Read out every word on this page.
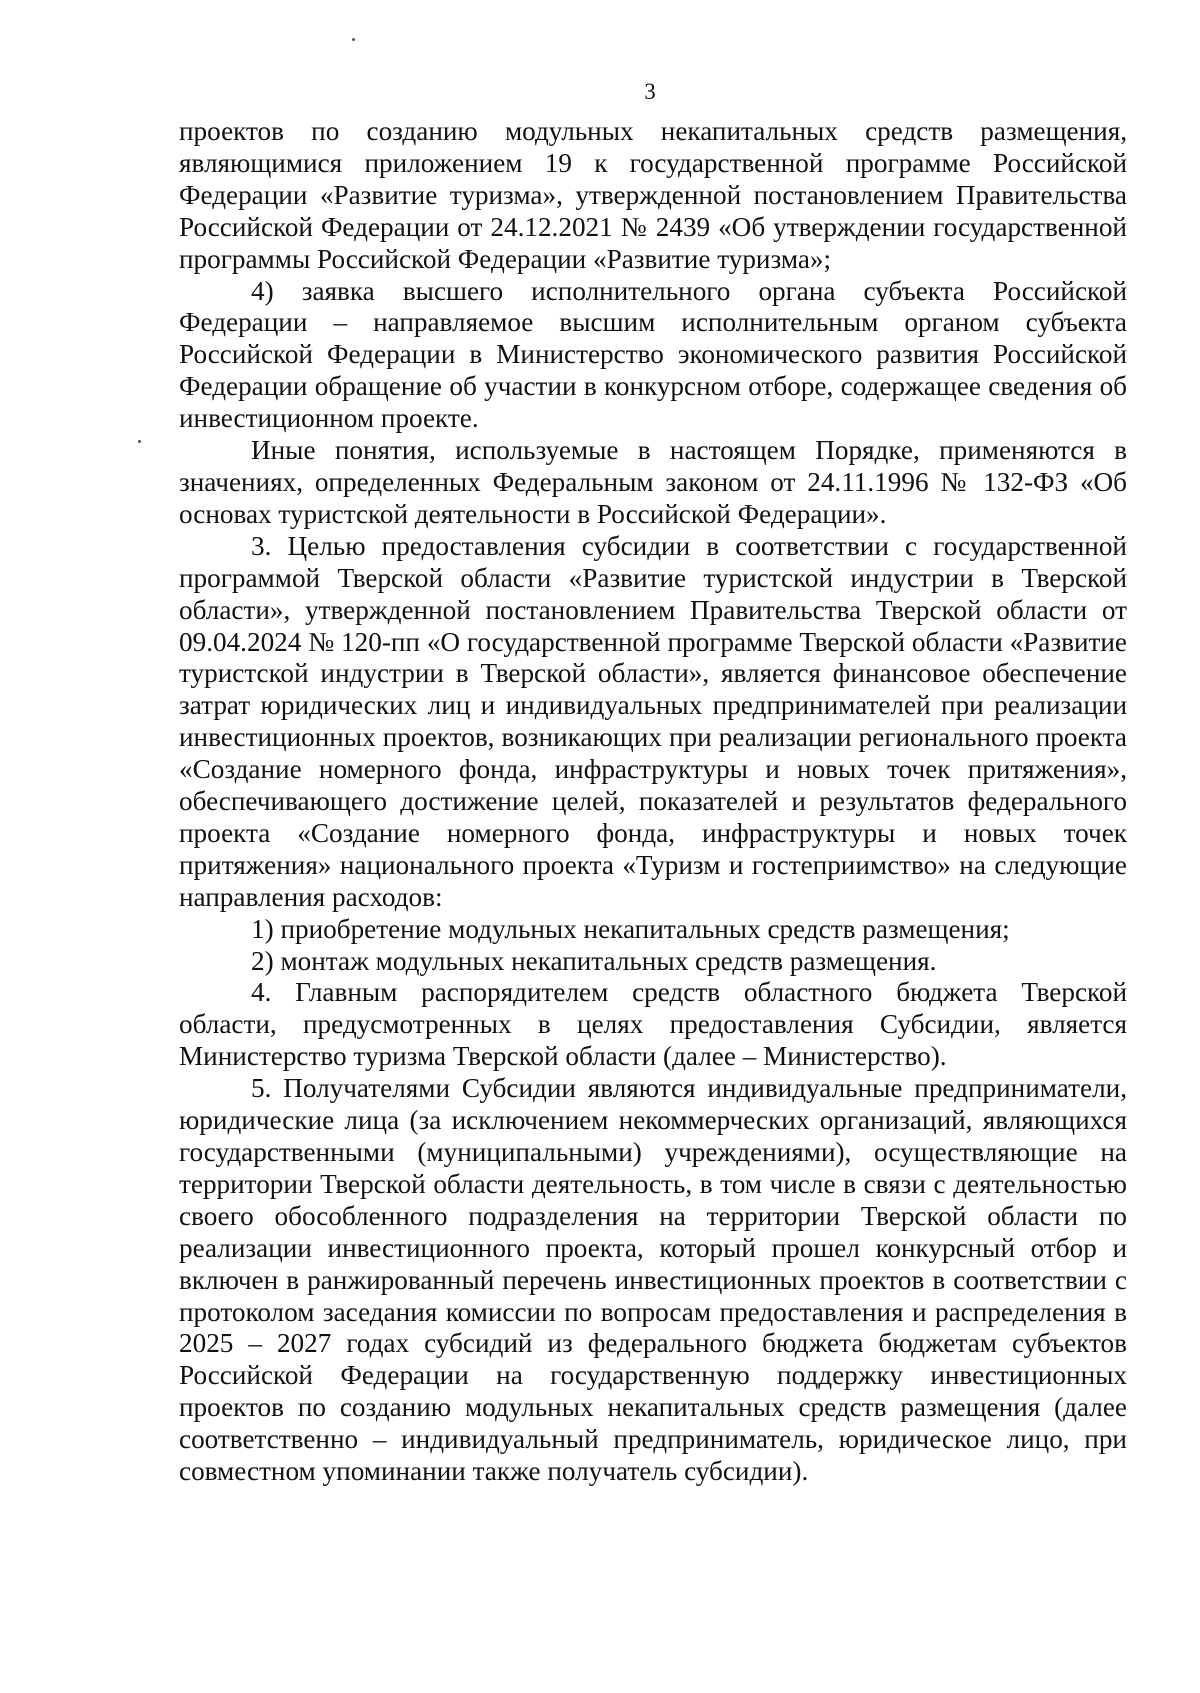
3

проектов по созданию модульных некапитальных средств размещения, являющимися приложением 19 к государственной программе Российской Федерации «Развитие туризма», утвержденной постановлением Правительства Российской Федерации от 24.12.2021 № 2439 «Об утверждении государственной программы Российской Федерации «Развитие туризма»;

4) заявка высшего исполнительного органа субъекта Российской Федерации – направляемое высшим исполнительным органом субъекта Российской Федерации в Министерство экономического развития Российской Федерации обращение об участии в конкурсном отборе, содержащее сведения об инвестиционном проекте.

Иные понятия, используемые в настоящем Порядке, применяются в значениях, определенных Федеральным законом от 24.11.1996 № 132-ФЗ «Об основах туристской деятельности в Российской Федерации».

3. Целью предоставления субсидии в соответствии с государственной программой Тверской области «Развитие туристской индустрии в Тверской области», утвержденной постановлением Правительства Тверской области от 09.04.2024 № 120-пп «О государственной программе Тверской области «Развитие туристской индустрии в Тверской области», является финансовое обеспечение затрат юридических лиц и индивидуальных предпринимателей при реализации инвестиционных проектов, возникающих при реализации регионального проекта «Создание номерного фонда, инфраструктуры и новых точек притяжения», обеспечивающего достижение целей, показателей и результатов федерального проекта «Создание номерного фонда, инфраструктуры и новых точек притяжения» национального проекта «Туризм и гостеприимство» на следующие направления расходов:

1) приобретение модульных некапитальных средств размещения;

2) монтаж модульных некапитальных средств размещения.

4. Главным распорядителем средств областного бюджета Тверской области, предусмотренных в целях предоставления Субсидии, является Министерство туризма Тверской области (далее – Министерство).

5. Получателями Субсидии являются индивидуальные предприниматели, юридические лица (за исключением некоммерческих организаций, являющихся государственными (муниципальными) учреждениями), осуществляющие на территории Тверской области деятельность, в том числе в связи с деятельностью своего обособленного подразделения на территории Тверской области по реализации инвестиционного проекта, который прошел конкурсный отбор и включен в ранжированный перечень инвестиционных проектов в соответствии с протоколом заседания комиссии по вопросам предоставления и распределения в 2025 – 2027 годах субсидий из федерального бюджета бюджетам субъектов Российской Федерации на государственную поддержку инвестиционных проектов по созданию модульных некапитальных средств размещения (далее соответственно – индивидуальный предприниматель, юридическое лицо, при совместном упоминании также получатель субсидии).
